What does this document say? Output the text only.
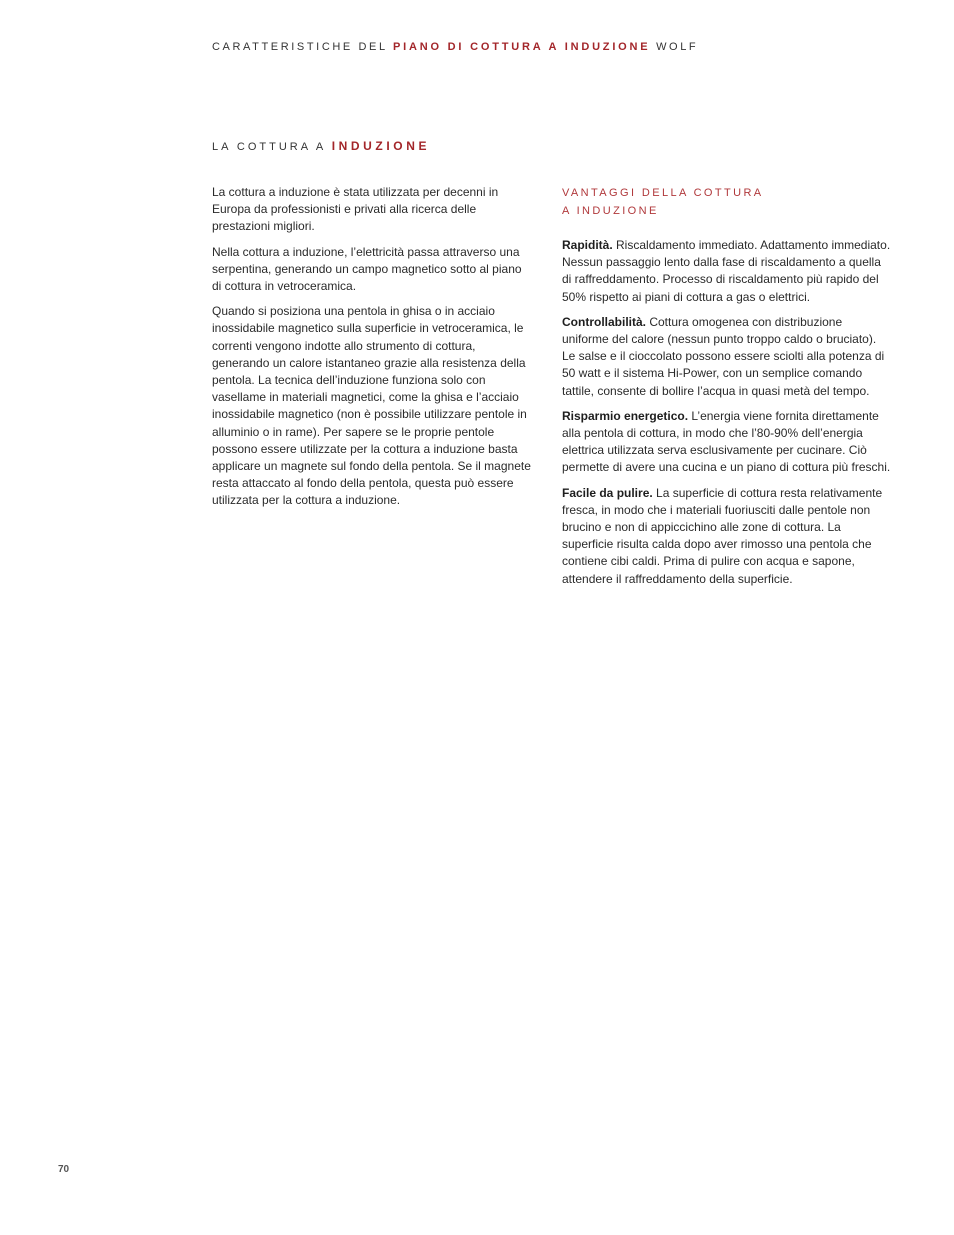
CARATTERISTICHE DEL PIANO DI COTTURA A INDUZIONE WOLF
LA COTTURA A INDUZIONE

La cottura a induzione è stata utilizzata per decenni in Europa da professionisti e privati alla ricerca delle prestazioni migliori.

Nella cottura a induzione, l’elettricità passa attraverso una serpentina, generando un campo magnetico sotto al piano di cottura in vetroceramica.

Quando si posiziona una pentola in ghisa o in acciaio inossidabile magnetico sulla superficie in vetroceramica, le correnti vengono indotte allo strumento di cottura, generando un calore istantaneo grazie alla resistenza della pentola. La tecnica dell’induzione funziona solo con vasellame in materiali magnetici, come la ghisa e l’acciaio inossidabile magnetico (non è possibile utilizzare pentole in alluminio o in rame). Per sapere se le proprie pentole possono essere utilizzate per la cottura a induzione basta applicare un magnete sul fondo della pentola. Se il magnete resta attaccato al fondo della pentola, questa può essere utilizzata per la cottura a induzione.

VANTAGGI DELLA COTTURA
A INDUZIONE

Rapidità. Riscaldamento immediato. Adattamento immediato. Nessun passaggio lento dalla fase di riscaldamento a quella di raffreddamento. Processo di riscaldamento più rapido del 50% rispetto ai piani di cottura a gas o elettrici.

Controllabilità. Cottura omogenea con distribuzione uniforme del calore (nessun punto troppo caldo o bruciato). Le salse e il cioccolato possono essere sciolti alla potenza di 50 watt e il sistema Hi-Power, con un semplice comando tattile, consente di bollire l’acqua in quasi metà del tempo.

Risparmio energetico. L’energia viene fornita direttamente alla pentola di cottura, in modo che l’80-90% dell’energia elettrica utilizzata serva esclusivamente per cucinare. Ciò permette di avere una cucina e un piano di cottura più freschi.

Facile da pulire. La superficie di cottura resta relativamente fresca, in modo che i materiali fuoriusciti dalle pentole non brucino e non di appiccichino alle zone di cottura. La superficie risulta calda dopo aver rimosso una pentola che contiene cibi caldi. Prima di pulire con acqua e sapone, attendere il raffreddamento della superficie.

70
